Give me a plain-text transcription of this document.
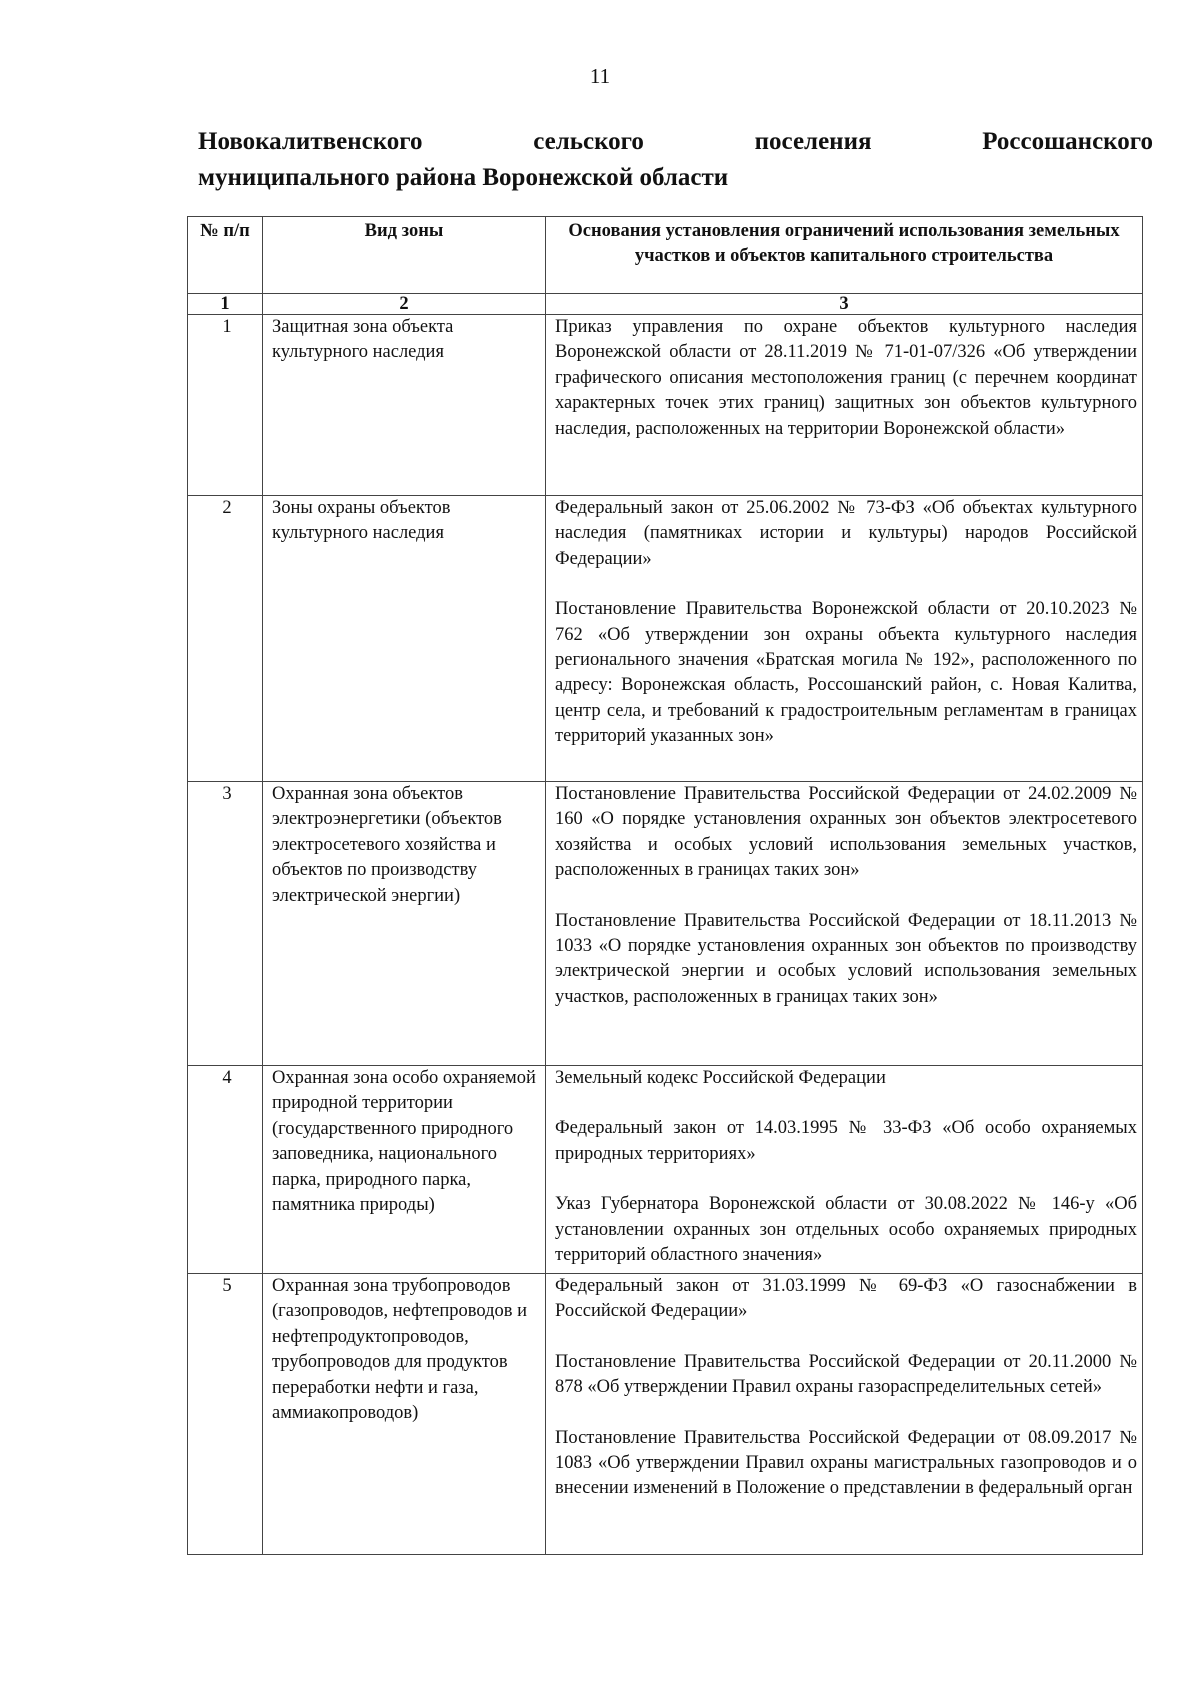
11
Новокалитвенского	сельского	поселения	Россошанского
муниципального района Воронежской области
№ п/п	Вид зоны	Основания установления ограничений использования земельных участков и объектов капитального строительства
1	2	3
1	Защитная зона объекта культурного наследия	Приказ управления по охране объектов культурного наследия Воронежской области от 28.11.2019 № 71-01-07/326 «Об утверждении графического описания местоположения границ (с перечнем координат характерных точек этих границ) защитных зон объектов культурного наследия, расположенных на территории Воронежской области»

2	Зоны охраны объектов культурного наследия	Федеральный закон от 25.06.2002 № 73-ФЗ «Об объектах культурного наследия (памятниках истории и культуры) народов Российской Федерации»

Постановление Правительства Воронежской области от 20.10.2023 № 762 «Об утверждении зон охраны объекта культурного наследия регионального значения «Братская могила № 192», расположенного по адресу: Воронежская область, Россошанский район, с. Новая Калитва, центр села, и требований к градостроительным регламентам в границах территорий указанных зон»

3	Охранная зона объектов электроэнергетики (объектов электросетевого хозяйства и объектов по производству электрической энергии)	Постановление Правительства Российской Федерации от 24.02.2009 № 160 «О порядке установления охранных зон объектов электросетевого хозяйства и особых условий использования земельных участков, расположенных в границах таких зон»

Постановление Правительства Российской Федерации от 18.11.2013 № 1033 «О порядке установления охранных зон объектов по производству электрической энергии и особых условий использования земельных участков, расположенных в границах таких зон»

4	Охранная зона особо охраняемой природной территории (государственного природного заповедника, национального парка, природного парка, памятника природы)	Земельный кодекс Российской Федерации

Федеральный закон от 14.03.1995 № 33-ФЗ «Об особо охраняемых природных территориях»

Указ Губернатора Воронежской области от 30.08.2022 № 146-у «Об установлении охранных зон отдельных особо охраняемых природных территорий областного значения»

5	Охранная зона трубопроводов (газопроводов, нефтепроводов и нефтепродуктопроводов, трубопроводов для продуктов переработки нефти и газа, аммиакопроводов)	Федеральный закон от 31.03.1999 № 69-ФЗ «О газоснабжении в Российской Федерации»

Постановление Правительства Российской Федерации от 20.11.2000 № 878 «Об утверждении Правил охраны газораспределительных сетей»

Постановление Правительства Российской Федерации от 08.09.2017 № 1083 «Об утверждении Правил охраны магистральных газопроводов и о внесении изменений в Положение о представлении в федеральный орган
